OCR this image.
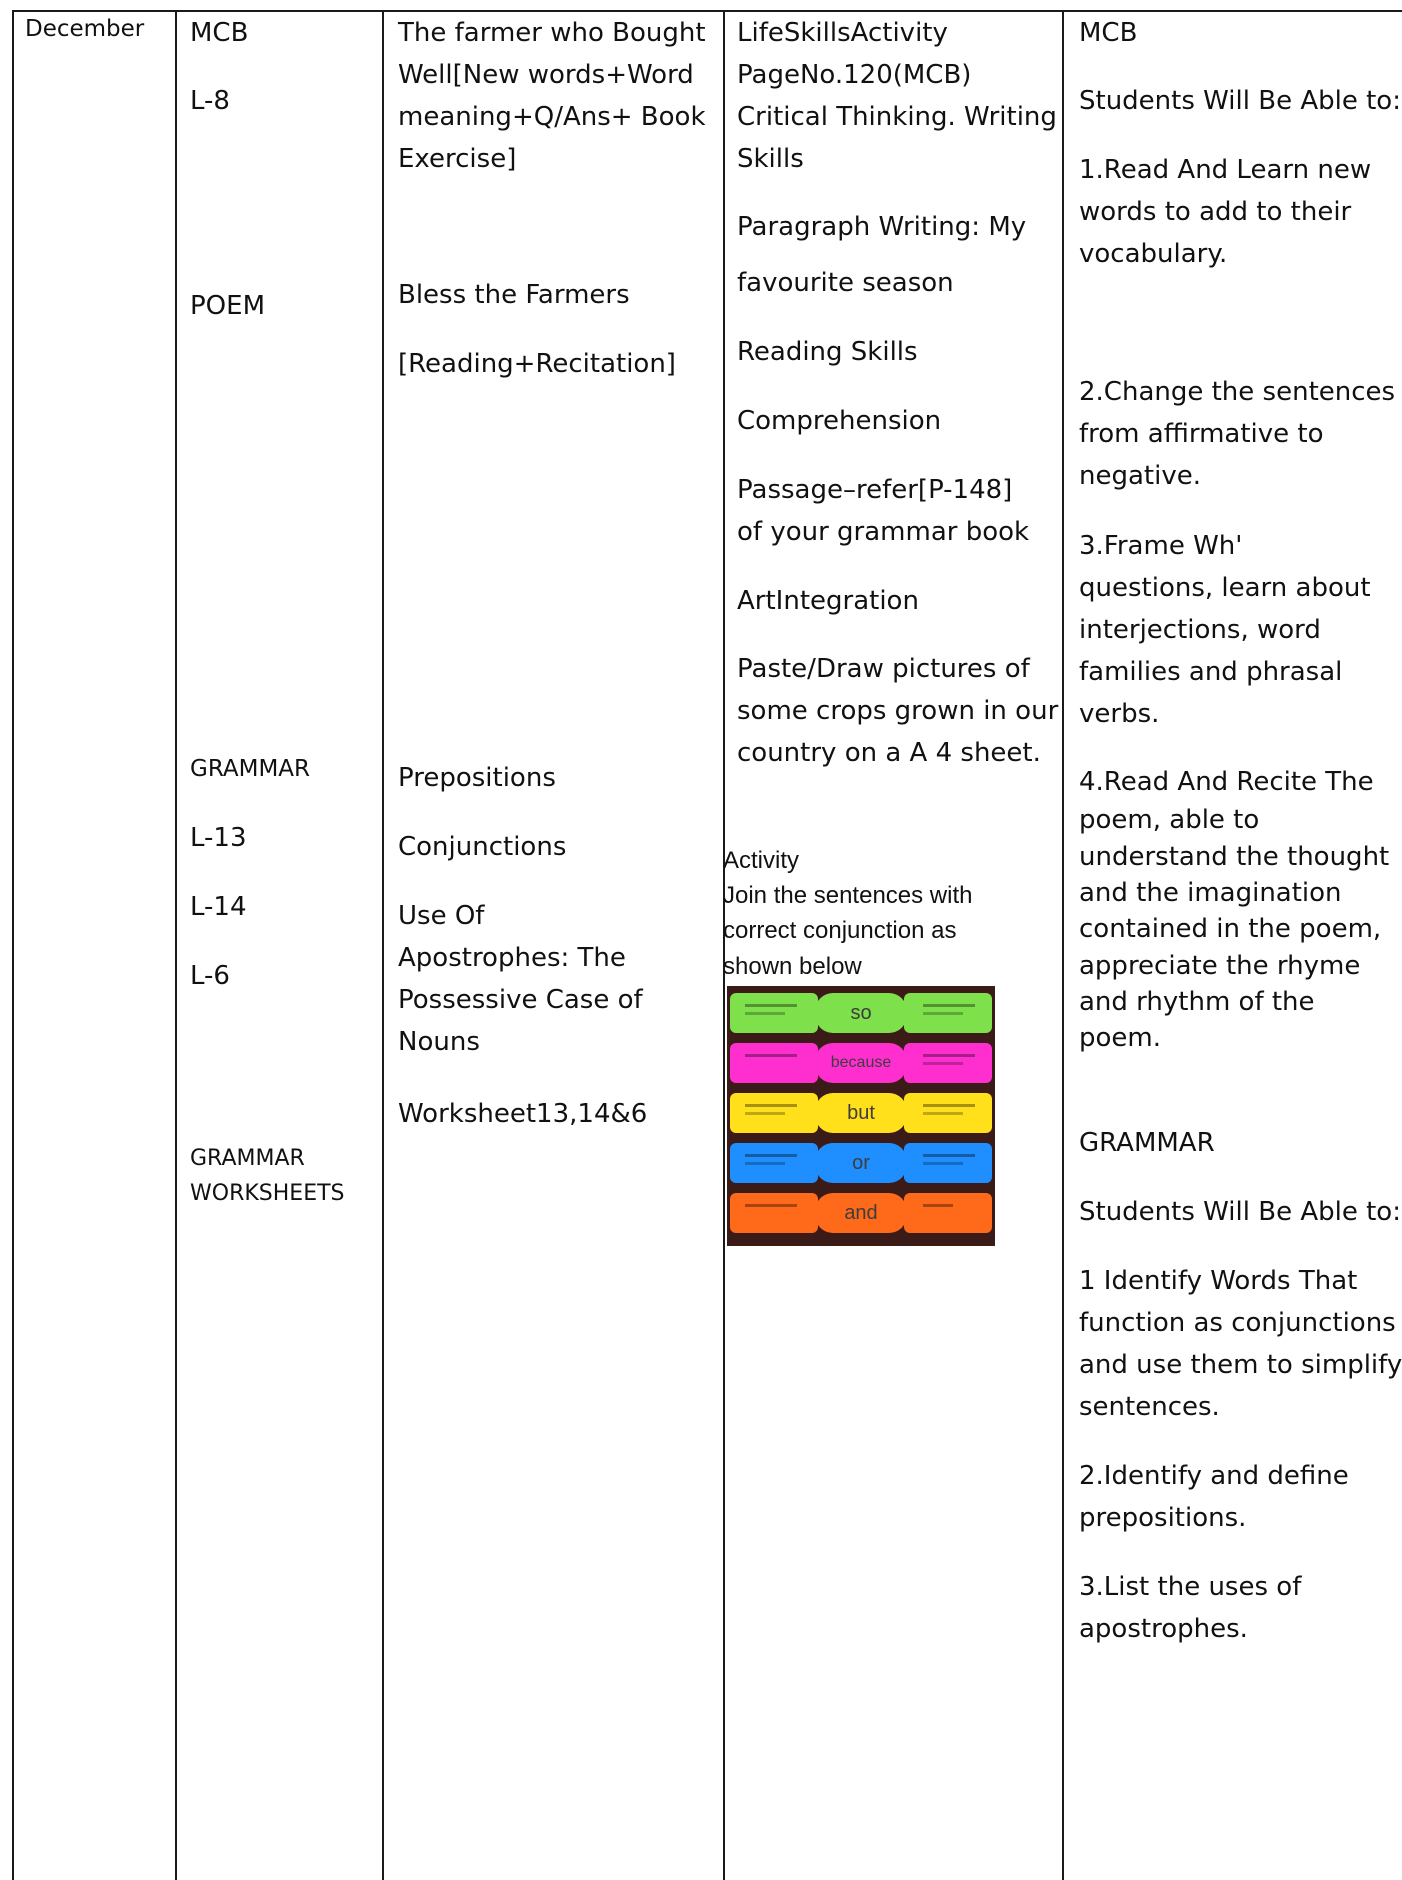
December MCB
L-8
POEM
GRAMMAR
L-13
L-14
L-6
GRAMMAR
WORKSHEETS
The farmer who Bought
Well[New words+Word
meaning+Q/Ans+ Book
Exercise]
Bless the Farmers
[Reading+Recitation]
Prepositions
Conjunctions
Use Of
Apostrophes: The
Possessive Case of
Nouns
Worksheet13,14&6
LifeSkillsActivity
PageNo.120(MCB)
Critical Thinking. Writing
Skills
Paragraph Writing: My
favourite season
Reading Skills
Comprehension
Passage–refer[P-148]
of your grammar book
ArtIntegration
Paste/Draw pictures of
some crops grown in our
country on a A 4 sheet.
Activity
Join the sentences with
correct conjunction as
shown below
so
because
but
or
and
MCB
Students Will Be Able to:
1.Read And Learn new
words to add to their
vocabulary.
2.Change the sentences
from affirmative to
negative.
3.Frame Wh'
questions, learn about
interjections, word
families and phrasal
verbs.
4.Read And Recite The
poem, able to
understand the thought
and the imagination
contained in the poem,
appreciate the rhyme
and rhythm of the
poem.
GRAMMAR
Students Will Be Able to:
1 Identify Words That
function as conjunctions
and use them to simplify
sentences.
2.Identify and define
prepositions.
3.List the uses of
apostrophes.
